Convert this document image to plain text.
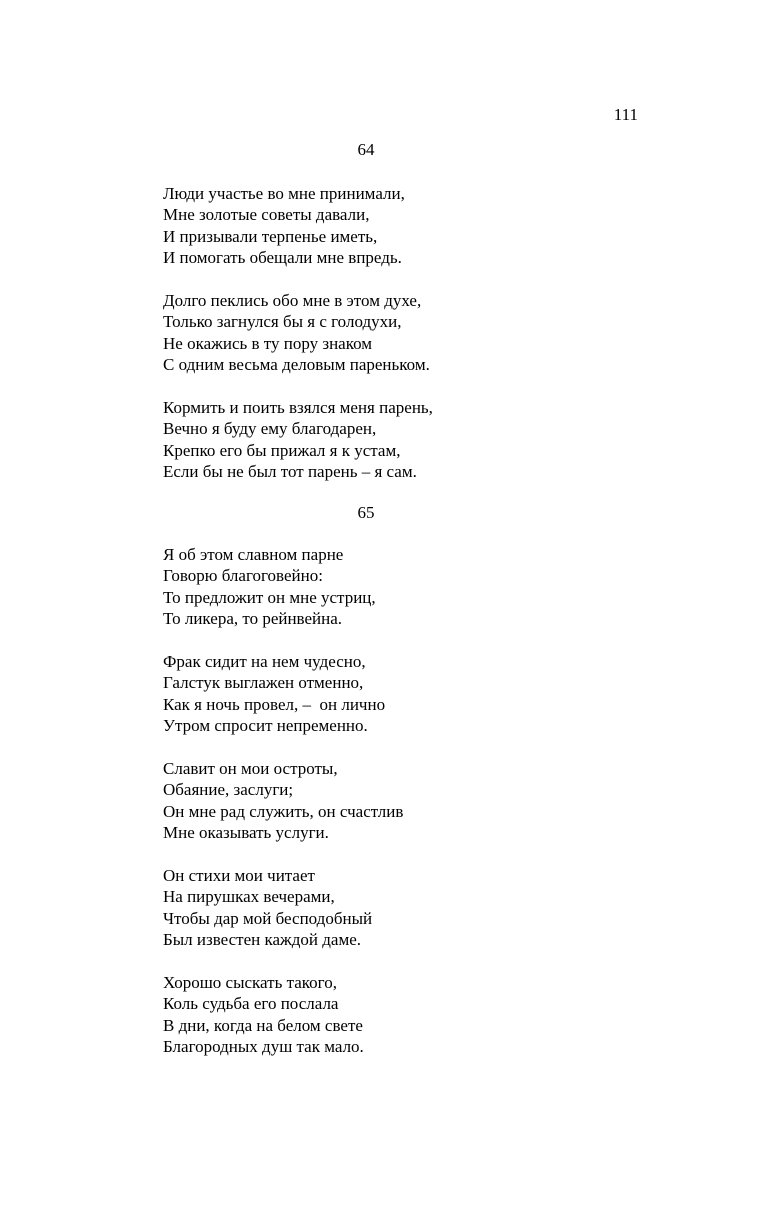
111
64
Люди участье во мне принимали,
Мне золотые советы давали,
И призывали терпенье иметь,
И помогать обещали мне впредь.
Долго пеклись обо мне в этом духе,
Только загнулся бы я с голодухи,
Не окажись в ту пору знаком
С одним весьма деловым пареньком.
Кормить и поить взялся меня парень,
Вечно я буду ему благодарен,
Крепко его бы прижал я к устам,
Если бы не был тот парень – я сам.
65
Я об этом славном парне
Говорю благоговейно:
То предложит он мне устриц,
То ликера, то рейнвейна.
Фрак сидит на нем чудесно,
Галстук выглажен отменно,
Как я ночь провел, –  он лично
Утром спросит непременно.
Славит он мои остроты,
Обаяние, заслуги;
Он мне рад служить, он счастлив
Мне оказывать услуги.
Он стихи мои читает
На пирушках вечерами,
Чтобы дар мой бесподобный
Был известен каждой даме.
Хорошо сыскать такого,
Коль судьба его послала
В дни, когда на белом свете
Благородных душ так мало.
